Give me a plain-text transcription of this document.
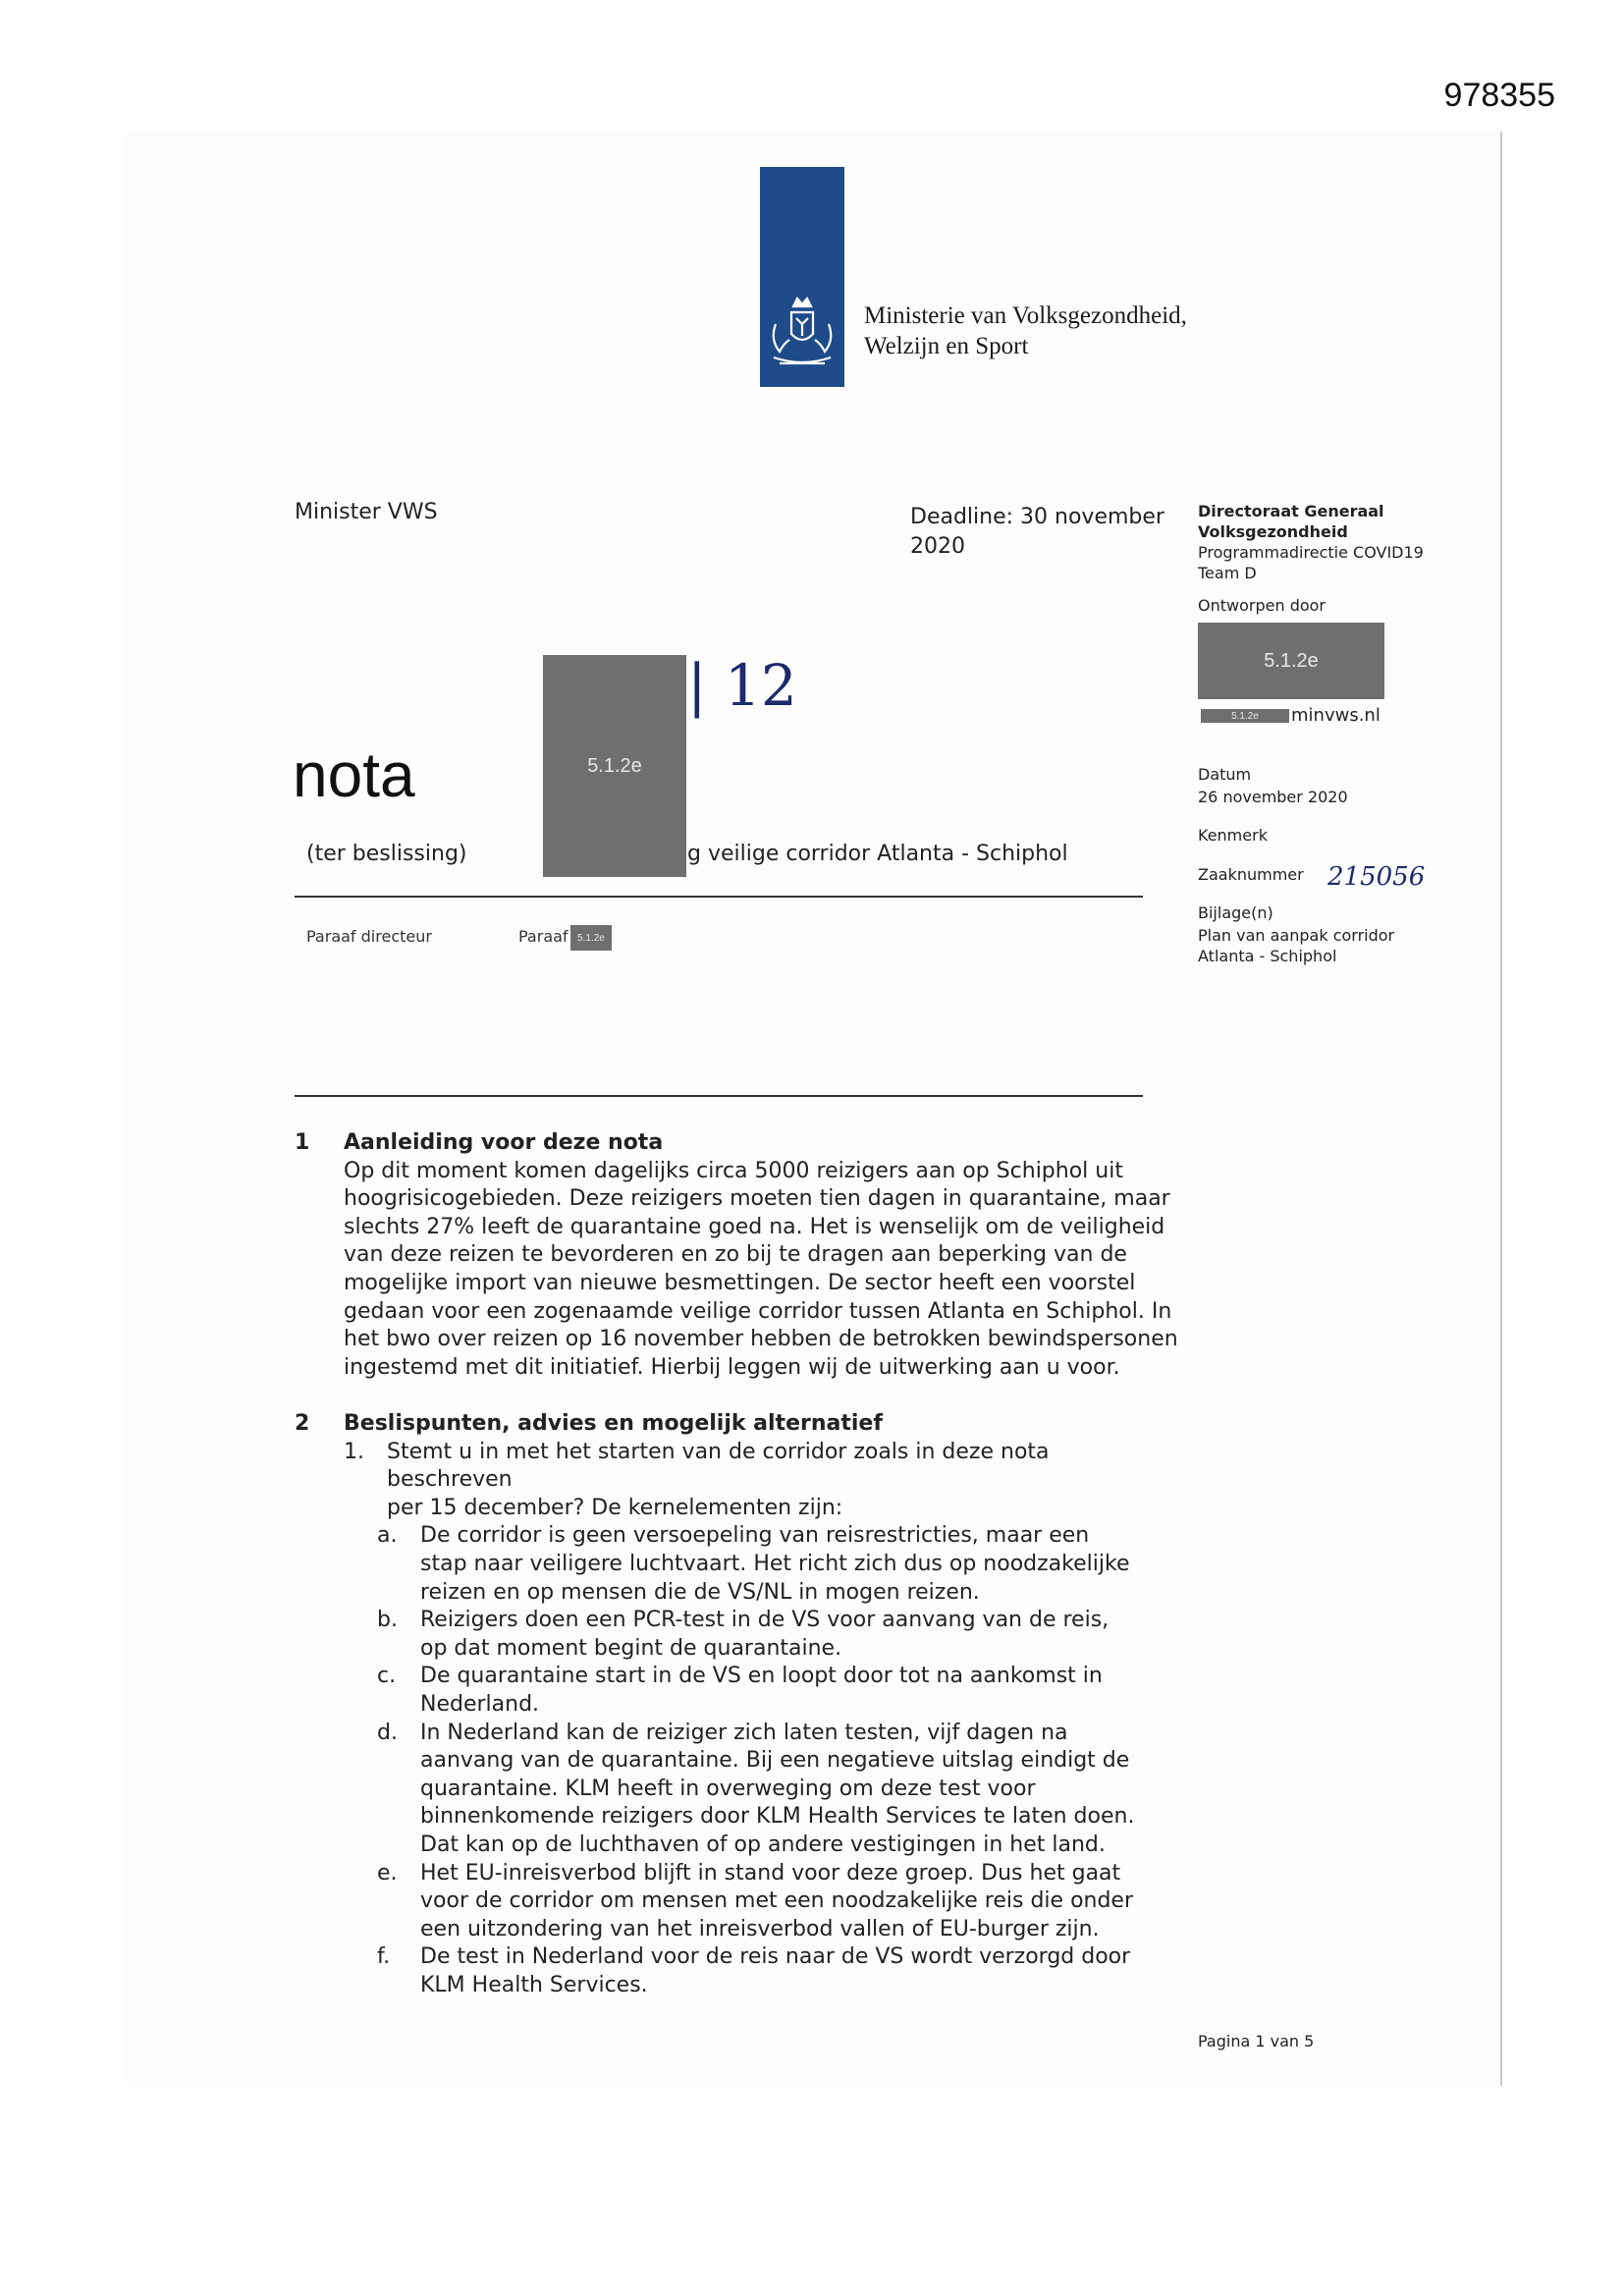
978355
Ministerie van Volksgezondheid,
Welzijn en Sport
Minister VWS	Deadline: 30 november
2020
Directoraat Generaal
Volksgezondheid
Programmadirectie COVID19
Team D
Ontworpen door
5.1.2e
5.1.2e	minvws.nl
Datum
26 november 2020
Kenmerk
Zaaknummer 215056
Bijlage(n)
Plan van aanpak corridor
Atlanta - Schiphol
Pagina 1 van 5
nota	5.1.2e
| 12
(ter beslissing)	g veilige corridor Atlanta - Schiphol
Paraaf directeur	Paraaf 5.1.2e
1 Aanleiding voor deze nota
Op dit moment komen dagelijks circa 5000 reizigers aan op Schiphol uit
hoogrisicogebieden. Deze reizigers moeten tien dagen in quarantaine, maar
slechts 27% leeft de quarantaine goed na. Het is wenselijk om de veiligheid
van deze reizen te bevorderen en zo bij te dragen aan beperking van de
mogelijke import van nieuwe besmettingen. De sector heeft een voorstel
gedaan voor een zogenaamde veilige corridor tussen Atlanta en Schiphol. In
het bwo over reizen op 16 november hebben de betrokken bewindspersonen
ingestemd met dit initiatief. Hierbij leggen wij de uitwerking aan u voor.
2 Beslispunten, advies en mogelijk alternatief
1.	Stemt u in met het starten van de corridor zoals in deze nota beschreven
per 15 december? De kernelementen zijn:
a.	De corridor is geen versoepeling van reisrestricties, maar een
stap naar veiligere luchtvaart. Het richt zich dus op noodzakelijke
reizen en op mensen die de VS/NL in mogen reizen.
b.	Reizigers doen een PCR-test in de VS voor aanvang van de reis,
op dat moment begint de quarantaine.
c.	De quarantaine start in de VS en loopt door tot na aankomst in
Nederland.
d.	In Nederland kan de reiziger zich laten testen, vijf dagen na
aanvang van de quarantaine. Bij een negatieve uitslag eindigt de
quarantaine. KLM heeft in overweging om deze test voor
binnenkomende reizigers door KLM Health Services te laten doen.
Dat kan op de luchthaven of op andere vestigingen in het land.
e.	Het EU-inreisverbod blijft in stand voor deze groep. Dus het gaat
voor de corridor om mensen met een noodzakelijke reis die onder
een uitzondering van het inreisverbod vallen of EU-burger zijn.
f.	De test in Nederland voor de reis naar de VS wordt verzorgd door
KLM Health Services.
